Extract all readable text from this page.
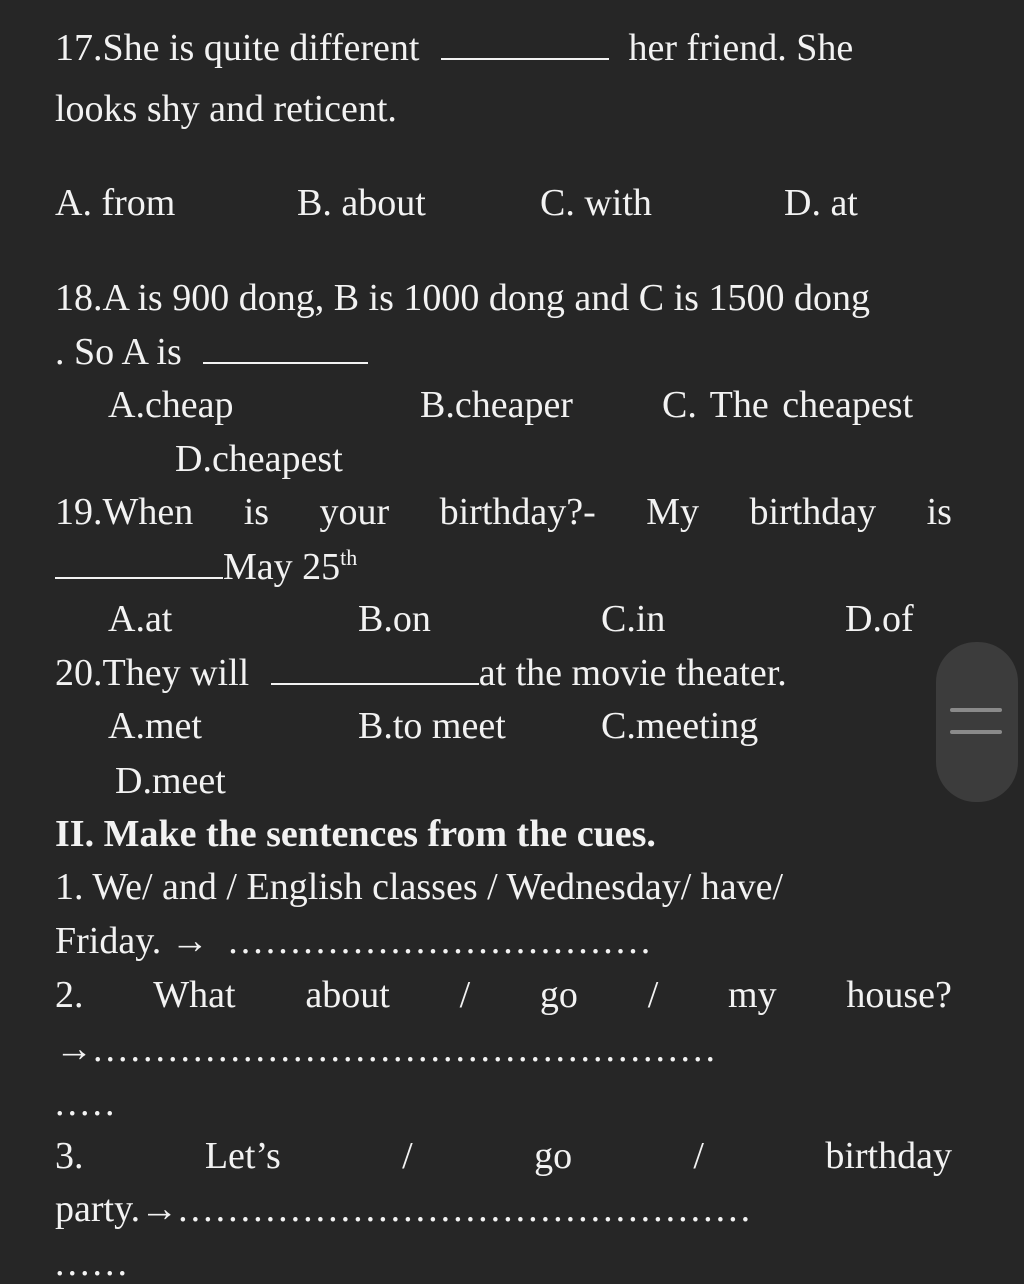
17.She is quite different	her friend. She
looks shy and reticent.
A. from	B. about	C. with	D. at
18.A is 900 dong, B is 1000 dong and C is 1500 dong
. So A is
A.cheap	B.cheaper C. The cheapest
D.cheapest
19.When is your birthday?- My birthday is
May 25th
A.at	B.on	C.in	D.of
20.They will	at the movie theater.
A.met	B.to meet	C.meeting
D.meet
II. Make the sentences from the cues.
1. We/ and / English classes / Wednesday/ have/
Friday. → ..................................
2. What about / go / my house?
→..................................................
.....
3.	Let’s	/	go	/	birthday
party.→..............................................
......
